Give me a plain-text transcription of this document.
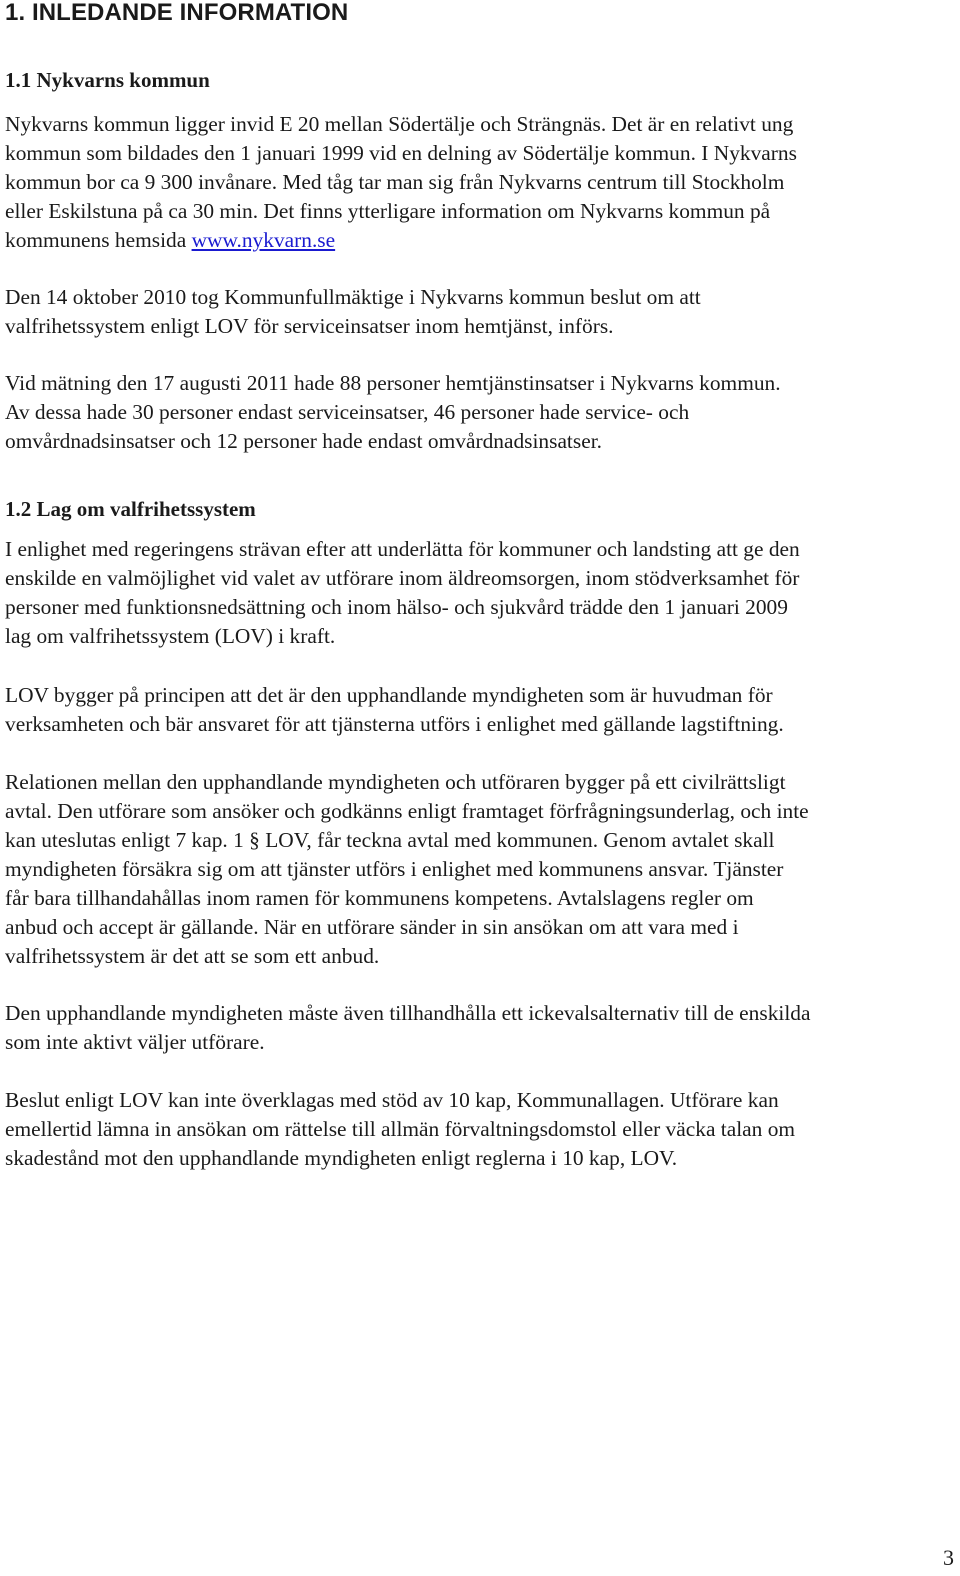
1. INLEDANDE INFORMATION
1.1 Nykvarns kommun

Nykvarns kommun ligger invid E 20 mellan Södertälje och Strängnäs. Det är en relativt ung
kommun som bildades den 1 januari 1999 vid en delning av Södertälje kommun. I Nykvarns
kommun bor ca 9 300 invånare. Med tåg tar man sig från Nykvarns centrum till Stockholm
eller Eskilstuna på ca 30 min. Det finns ytterligare information om Nykvarns kommun på
kommunens hemsida www.nykvarn.se

Den 14 oktober 2010 tog Kommunfullmäktige i Nykvarns kommun beslut om att
valfrihetssystem enligt LOV för serviceinsatser inom hemtjänst, införs.

Vid mätning den 17 augusti 2011 hade 88 personer hemtjänstinsatser i Nykvarns kommun.
Av dessa hade 30 personer endast serviceinsatser, 46 personer hade service- och
omvårdnadsinsatser och 12 personer hade endast omvårdnadsinsatser.

1.2 Lag om valfrihetssystem

I enlighet med regeringens strävan efter att underlätta för kommuner och landsting att ge den
enskilde en valmöjlighet vid valet av utförare inom äldreomsorgen, inom stödverksamhet för
personer med funktionsnedsättning och inom hälso- och sjukvård trädde den 1 januari 2009
lag om valfrihetssystem (LOV) i kraft.

LOV bygger på principen att det är den upphandlande myndigheten som är huvudman för
verksamheten och bär ansvaret för att tjänsterna utförs i enlighet med gällande lagstiftning.

Relationen mellan den upphandlande myndigheten och utföraren bygger på ett civilrättsligt
avtal. Den utförare som ansöker och godkänns enligt framtaget förfrågningsunderlag, och inte
kan uteslutas enligt 7 kap. 1 § LOV, får teckna avtal med kommunen. Genom avtalet skall
myndigheten försäkra sig om att tjänster utförs i enlighet med kommunens ansvar. Tjänster
får bara tillhandahållas inom ramen för kommunens kompetens. Avtalslagens regler om
anbud och accept är gällande. När en utförare sänder in sin ansökan om att vara med i
valfrihetssystem är det att se som ett anbud.

Den upphandlande myndigheten måste även tillhandhålla ett ickevalsalternativ till de enskilda
som inte aktivt väljer utförare.

Beslut enligt LOV kan inte överklagas med stöd av 10 kap, Kommunallagen. Utförare kan
emellertid lämna in ansökan om rättelse till allmän förvaltningsdomstol eller väcka talan om
skadestånd mot den upphandlande myndigheten enligt reglerna i 10 kap, LOV.

3
